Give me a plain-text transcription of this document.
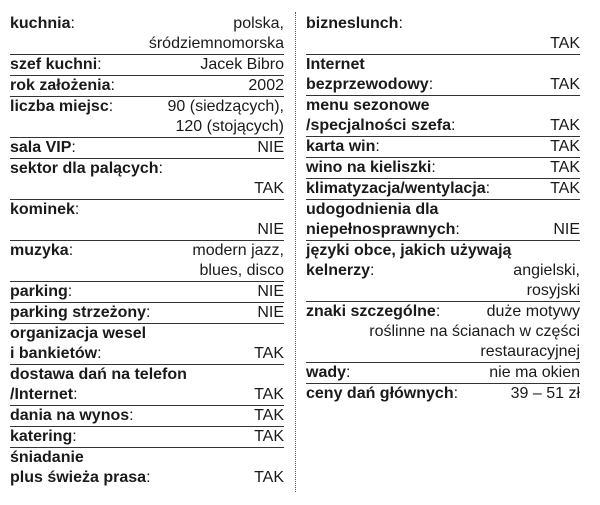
kuchnia:	polska,
śródziemnomorska
szef kuchni:	Jacek Bibro
rok założenia:	2002
liczba miejsc:	90 (siedzących),
120 (stojących)
sala VIP:	NIE
sektor dla palących:
TAK
kominek:
NIE
muzyka:	modern jazz,
blues, disco
parking:	NIE
parking strzeżony:	NIE
organizacja wesel
i bankietów:	TAK
dostawa dań na telefon
/Internet:	TAK
dania na wynos:	TAK
katering:	TAK
śniadanie
plus świeża prasa:	TAK
bizneslunch:
TAK
Internet
bezprzewodowy:	TAK
menu sezonowe
/specjalności szefa:	TAK
karta win:	TAK
wino na kieliszki:	TAK
klimatyzacja/wentylacja:	TAK
udogodnienia dla
niepełnosprawnych:	NIE
języki obce, jakich używają
kelnerzy:	angielski,
rosyjski
znaki szczególne:	duże motywy
roślinne na ścianach w części
restauracyjnej
wady:	nie ma okien
ceny dań głównych:	39 – 51 zł
